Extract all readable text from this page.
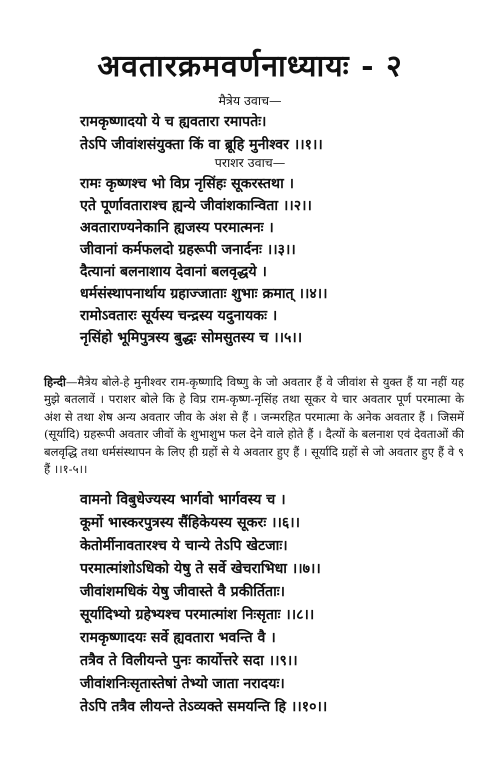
अवतारक्रमवर्णनाध्यायः - २
मैत्रेय उवाच—
रामकृष्णादयो ये च ह्यवतारा रमापतेः।
तेऽपि जीवांशसंयुक्ता किं वा ब्रूहि मुनीश्वर ।।१।।
पराशर उवाच—
रामः कृष्णश्च भो विप्र नृसिंहः सूकरस्तथा ।
एते पूर्णावताराश्च ह्यन्ये जीवांशकान्विता ।।२।।
अवताराण्यनेकानि ह्यजस्य परमात्मनः ।
जीवानां कर्मफलदो ग्रहरूपी जनार्दनः ।।३।।
दैत्यानां बलनाशाय देवानां बलवृद्धये ।
धर्मसंस्थापनार्थाय ग्रहाज्जाताः शुभाः क्रमात् ।।४।।
रामोऽवतारः सूर्यस्य चन्द्रस्य यदुनायकः ।
नृसिंहो भूमिपुत्रस्य बुद्धः सोमसुतस्य च ।।५।।
हिन्दी—मैत्रेय बोले-हे मुनीश्वर राम-कृष्णादि विष्णु के जो अवतार हैं वे जीवांश से युक्त हैं या नहीं यह मुझे बतलावें । पराशर बोले कि हे विप्र राम-कृष्ण-नृसिंह तथा सूकर ये चार अवतार पूर्ण परमात्मा के अंश से तथा शेष अन्य अवतार जीव के अंश से हैं । जन्मरहित परमात्मा के अनेक अवतार हैं । जिसमें (सूर्यादि) ग्रहरूपी अवतार जीवों के शुभाशुभ फल देने वाले होते हैं । दैत्यों के बलनाश एवं देवताओं की बलवृद्धि तथा धर्मसंस्थापन के लिए ही ग्रहों से ये अवतार हुए हैं । सूर्यादि ग्रहों से जो अवतार हुए हैं वे ९ हैं ।।१-५।।
वामनो विबुधेज्यस्य भार्गवो भार्गवस्य च ।
कूर्मो भास्करपुत्रस्य सैंहिकेयस्य सूकरः ।।६।।
केतोर्मीनावतारश्च ये चान्ये तेऽपि खेटजाः।
परमात्मांशोऽधिको येषु ते सर्वे खेचराभिधा ।।७।।
जीवांशमधिकं येषु जीवास्ते वै प्रकीर्तिताः।
सूर्यादिभ्यो ग्रहेभ्यश्च परमात्मांश निःसृताः ।।८।।
रामकृष्णादयः सर्वे ह्यवतारा भवन्ति वै ।
तत्रैव ते विलीयन्ते पुनः कार्योत्तरे सदा ।।९।।
जीवांशनिःसृतास्तेषां तेभ्यो जाता नरादयः।
तेऽपि तत्रैव लीयन्ते तेऽव्यक्ते समयन्ति हि ।।१०।।
